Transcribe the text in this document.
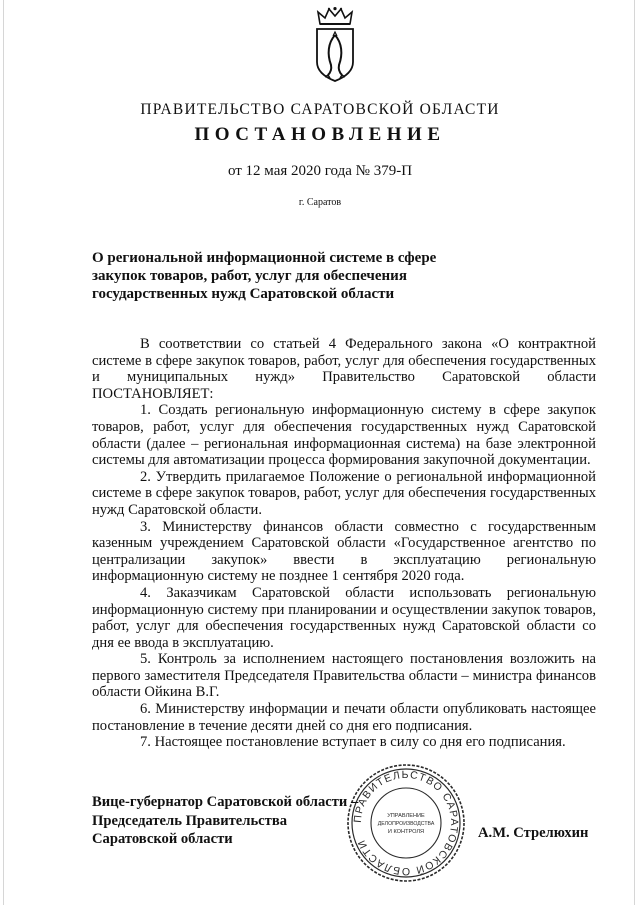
ПРАВИТЕЛЬСТВО САРАТОВСКОЙ ОБЛАСТИ
ПОСТАНОВЛЕНИЕ
от 12 мая 2020 года № 379-П
г. Саратов
О региональной информационной системе в сфере
закупок товаров, работ, услуг для обеспечения
государственных нужд Саратовской области

В соответствии со статьей 4 Федерального закона «О контрактной системе в сфере закупок товаров, работ, услуг для обеспечения государственных и муниципальных нужд» Правительство Саратовской области ПОСТАНОВЛЯЕТ:

1. Создать региональную информационную систему в сфере закупок товаров, работ, услуг для обеспечения государственных нужд Саратовской области (далее – региональная информационная система) на базе электронной системы для автоматизации процесса формирования закупочной документации.

2. Утвердить прилагаемое Положение о региональной информационной системе в сфере закупок товаров, работ, услуг для обеспечения государственных нужд Саратовской области.

3. Министерству финансов области совместно с государственным казенным учреждением Саратовской области «Государственное агентство по централизации закупок» ввести в эксплуатацию региональную информационную систему не позднее 1 сентября 2020 года.

4. Заказчикам Саратовской области использовать региональную информационную систему при планировании и осуществлении закупок товаров, работ, услуг для обеспечения государственных нужд Саратовской области со дня ее ввода в эксплуатацию.

5. Контроль за исполнением настоящего постановления возложить на первого заместителя Председателя Правительства области – министра финансов области Ойкина В.Г.

6. Министерству информации и печати области опубликовать настоящее постановление в течение десяти дней со дня его подписания.

7. Настоящее постановление вступает в силу со дня его подписания.

ПРАВИТЕЛЬСТВО САРАТОВСКОЙ ОБЛАСТИ
УПРАВЛЕНИЕ
ДЕЛОПРОИЗВОДСТВА
И КОНТРОЛЯ
Вице-губернатор Саратовской области –
Председатель Правительства
Саратовской области	А.М. Стрелюхин
